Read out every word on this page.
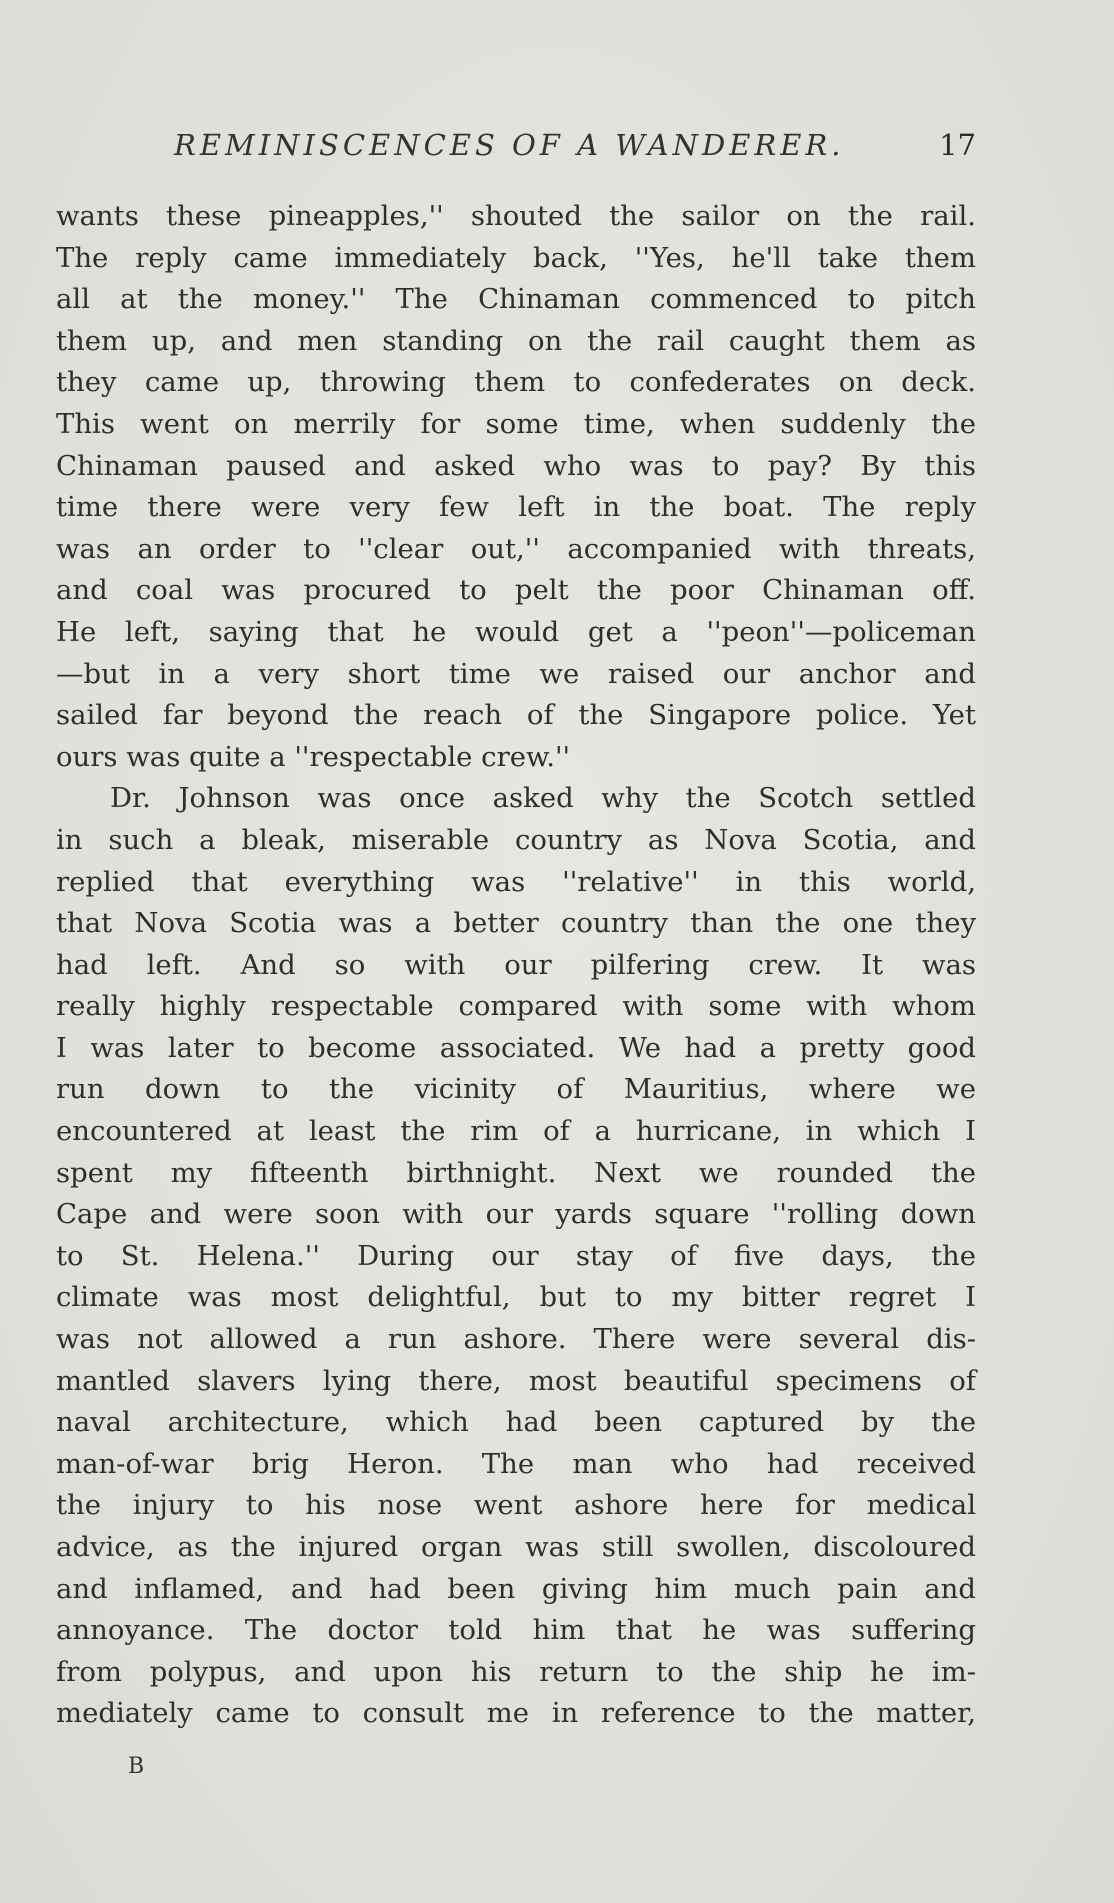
REMINISCENCES OF A WANDERER.	17
wants these pineapples,'' shouted the sailor on the rail.
The reply came immediately back, ''Yes, he'll take them
all at the money.'' The Chinaman commenced to pitch
them up, and men standing on the rail caught them as
they came up, throwing them to confederates on deck.
This went on merrily for some time, when suddenly the
Chinaman paused and asked who was to pay? By this
time there were very few left in the boat. The reply
was an order to ''clear out,'' accompanied with threats,
and coal was procured to pelt the poor Chinaman off.
He left, saying that he would get a ''peon''—policeman
—but in a very short time we raised our anchor and
sailed far beyond the reach of the Singapore police. Yet
ours was quite a ''respectable crew.''
Dr. Johnson was once asked why the Scotch settled
in such a bleak, miserable country as Nova Scotia, and
replied that everything was ''relative'' in this world,
that Nova Scotia was a better country than the one they
had left. And so with our pilfering crew. It was
really highly respectable compared with some with whom
I was later to become associated. We had a pretty good
run down to the vicinity of Mauritius, where we
encountered at least the rim of a hurricane, in which I
spent my fifteenth birthnight. Next we rounded the
Cape and were soon with our yards square ''rolling down
to St. Helena.'' During our stay of five days, the
climate was most delightful, but to my bitter regret I
was not allowed a run ashore. There were several dis-
mantled slavers lying there, most beautiful specimens of
naval architecture, which had been captured by the
man-of-war brig Heron. The man who had received
the injury to his nose went ashore here for medical
advice, as the injured organ was still swollen, discoloured
and inflamed, and had been giving him much pain and
annoyance. The doctor told him that he was suffering
from polypus, and upon his return to the ship he im-
mediately came to consult me in reference to the matter,
B
